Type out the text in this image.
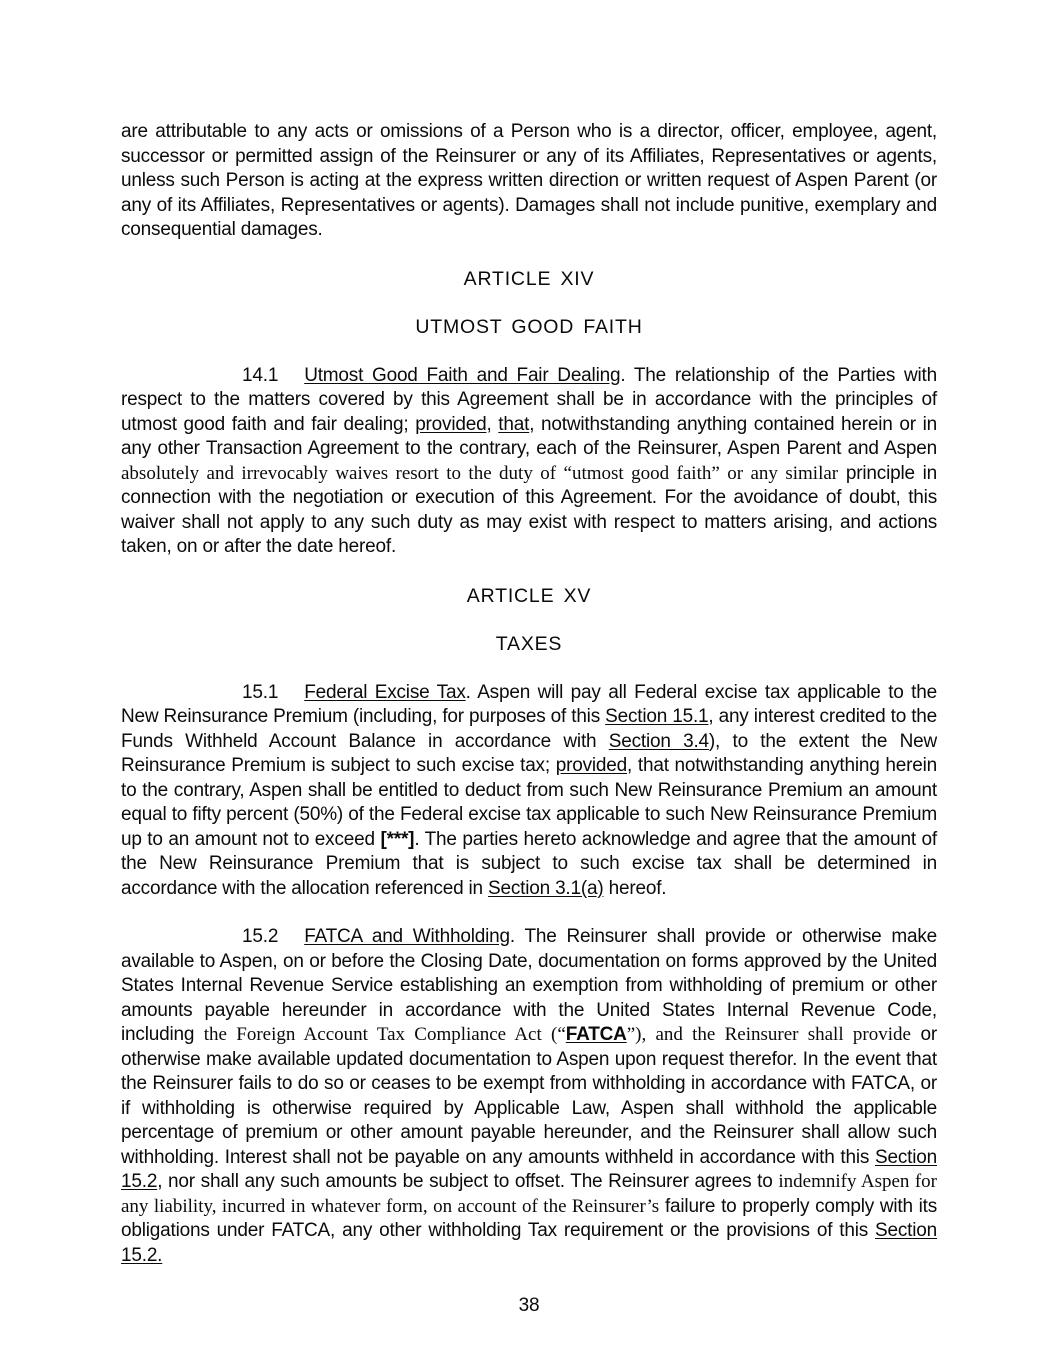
are attributable to any acts or omissions of a Person who is a director, officer, employee, agent, successor or permitted assign of the Reinsurer or any of its Affiliates, Representatives or agents, unless such Person is acting at the express written direction or written request of Aspen Parent (or any of its Affiliates, Representatives or agents). Damages shall not include punitive, exemplary and consequential damages.

ARTICLE XIV
UTMOST GOOD FAITH

14.1 Utmost Good Faith and Fair Dealing. The relationship of the Parties with respect to the matters covered by this Agreement shall be in accordance with the principles of utmost good faith and fair dealing; provided, that, notwithstanding anything contained herein or in any other Transaction Agreement to the contrary, each of the Reinsurer, Aspen Parent and Aspen absolutely and irrevocably waives resort to the duty of “utmost good faith” or any similar principle in connection with the negotiation or execution of this Agreement. For the avoidance of doubt, this waiver shall not apply to any such duty as may exist with respect to matters arising, and actions taken, on or after the date hereof.

ARTICLE XV
TAXES

15.1 Federal Excise Tax. Aspen will pay all Federal excise tax applicable to the New Reinsurance Premium (including, for purposes of this Section 15.1, any interest credited to the Funds Withheld Account Balance in accordance with Section 3.4), to the extent the New Reinsurance Premium is subject to such excise tax; provided, that notwithstanding anything herein to the contrary, Aspen shall be entitled to deduct from such New Reinsurance Premium an amount equal to fifty percent (50%) of the Federal excise tax applicable to such New Reinsurance Premium up to an amount not to exceed [***]. The parties hereto acknowledge and agree that the amount of the New Reinsurance Premium that is subject to such excise tax shall be determined in accordance with the allocation referenced in Section 3.1(a) hereof.

15.2 FATCA and Withholding. The Reinsurer shall provide or otherwise make available to Aspen, on or before the Closing Date, documentation on forms approved by the United States Internal Revenue Service establishing an exemption from withholding of premium or other amounts payable hereunder in accordance with the United States Internal Revenue Code, including the Foreign Account Tax Compliance Act (“FATCA”), and the Reinsurer shall provide or otherwise make available updated documentation to Aspen upon request therefor. In the event that the Reinsurer fails to do so or ceases to be exempt from withholding in accordance with FATCA, or if withholding is otherwise required by Applicable Law, Aspen shall withhold the applicable percentage of premium or other amount payable hereunder, and the Reinsurer shall allow such withholding. Interest shall not be payable on any amounts withheld in accordance with this Section 15.2, nor shall any such amounts be subject to offset. The Reinsurer agrees to indemnify Aspen for any liability, incurred in whatever form, on account of the Reinsurer’s failure to properly comply with its obligations under FATCA, any other withholding Tax requirement or the provisions of this Section 15.2.

38
